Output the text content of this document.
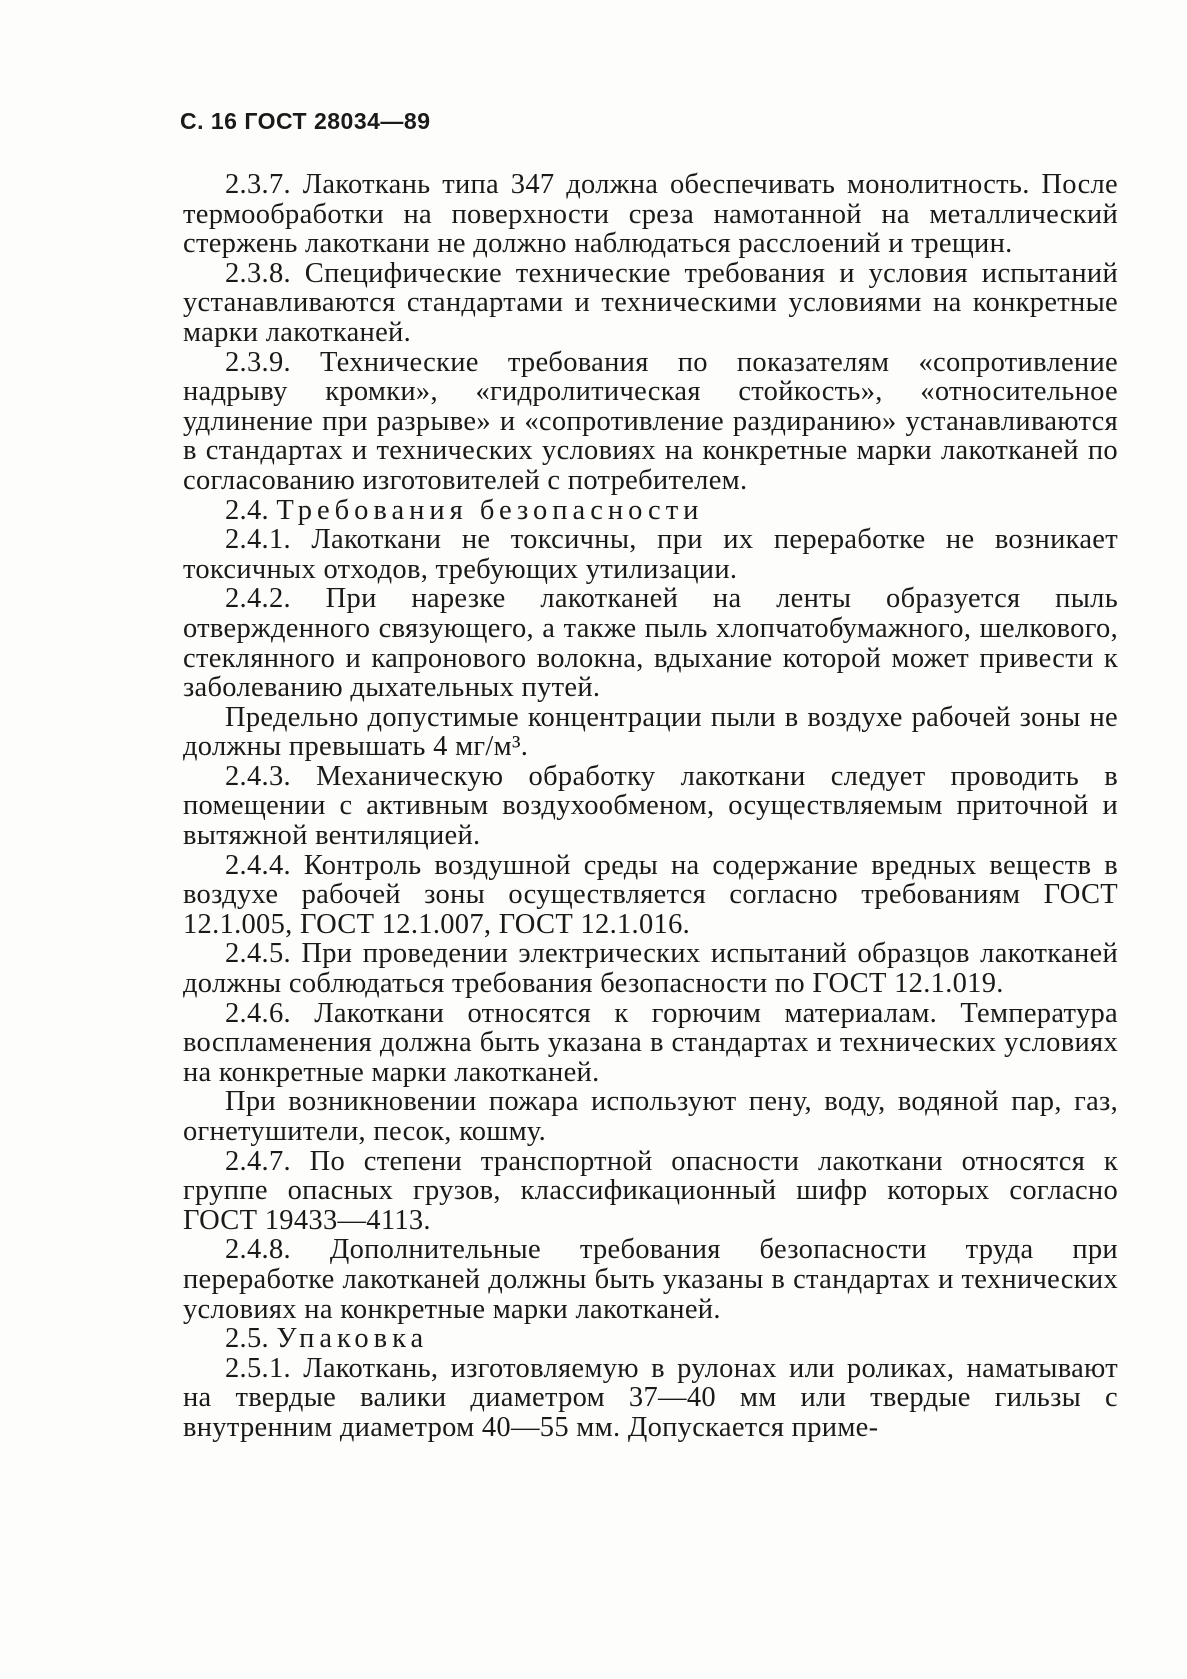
С. 16 ГОСТ 28034—89

2.3.7. Лакоткань типа 347 должна обеспечивать монолитность. После термообработки на поверхности среза намотанной на металлический стержень лакоткани не должно наблюдаться расслоений и трещин.

2.3.8. Специфические технические требования и условия испытаний устанавливаются стандартами и техническими условиями на конкретные марки лакотканей.

2.3.9. Технические требования по показателям «сопротивление надрыву кромки», «гидролитическая стойкость», «относительное удлинение при разрыве» и «сопротивление раздиранию» устанавливаются в стандартах и технических условиях на конкретные марки лакотканей по согласованию изготовителей с потребителем.

2.4. Требования безопасности

2.4.1. Лакоткани не токсичны, при их переработке не возникает токсичных отходов, требующих утилизации.

2.4.2. При нарезке лакотканей на ленты образуется пыль отвержденного связующего, а также пыль хлопчатобумажного, шелкового, стеклянного и капронового волокна, вдыхание которой может привести к заболеванию дыхательных путей.

Предельно допустимые концентрации пыли в воздухе рабочей зоны не должны превышать 4 мг/м³.

2.4.3. Механическую обработку лакоткани следует проводить в помещении с активным воздухообменом, осуществляемым приточной и вытяжной вентиляцией.

2.4.4. Контроль воздушной среды на содержание вредных веществ в воздухе рабочей зоны осуществляется согласно требованиям ГОСТ 12.1.005, ГОСТ 12.1.007, ГОСТ 12.1.016.

2.4.5. При проведении электрических испытаний образцов лакотканей должны соблюдаться требования безопасности по ГОСТ 12.1.019.

2.4.6. Лакоткани относятся к горючим материалам. Температура воспламенения должна быть указана в стандартах и технических условиях на конкретные марки лакотканей.

При возникновении пожара используют пену, воду, водяной пар, газ, огнетушители, песок, кошму.

2.4.7. По степени транспортной опасности лакоткани относятся к группе опасных грузов, классификационный шифр которых согласно ГОСТ 19433—4113.

2.4.8. Дополнительные требования безопасности труда при переработке лакотканей должны быть указаны в стандартах и технических условиях на конкретные марки лакотканей.

2.5. Упаковка

2.5.1. Лакоткань, изготовляемую в рулонах или роликах, наматывают на твердые валики диаметром 37—40 мм или твердые гильзы с внутренним диаметром 40—55 мм. Допускается приме-
